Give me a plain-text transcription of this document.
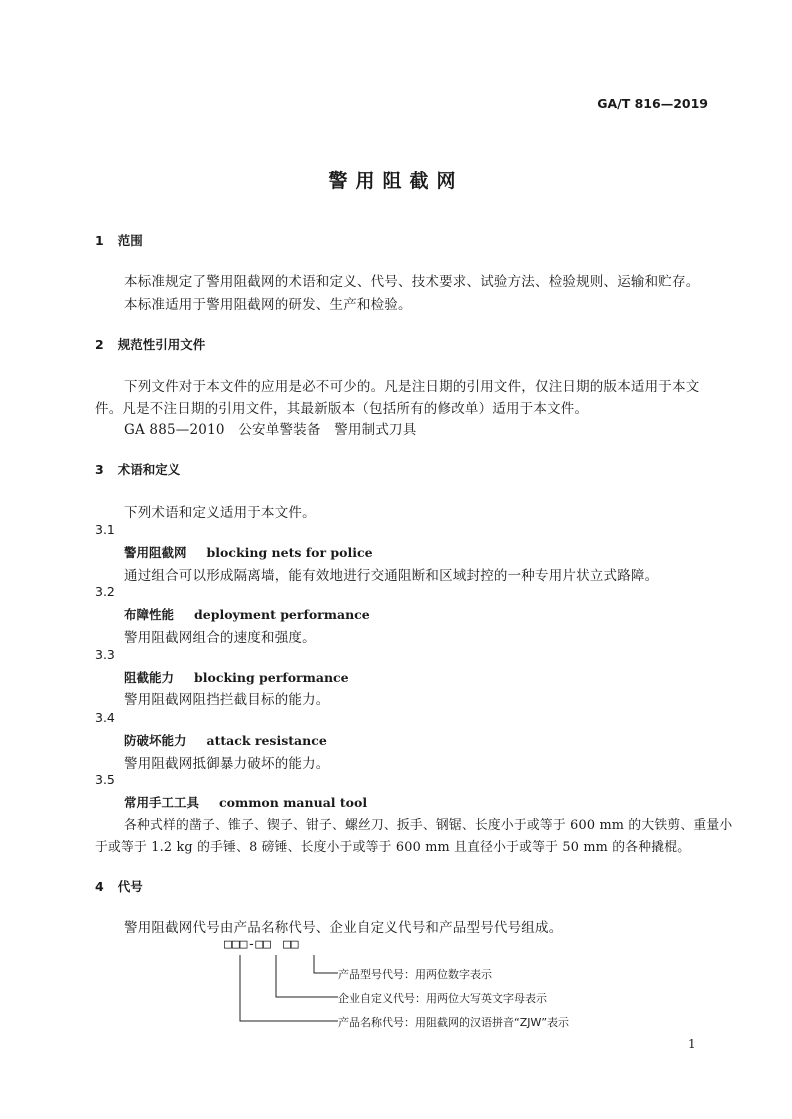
GA/T 816—2019
警用阻截网
1 范围
本标准规定了警用阻截网的术语和定义、代号、技术要求、试验方法、检验规则、运输和贮存。
本标准适用于警用阻截网的研发、生产和检验。
2 规范性引用文件
下列文件对于本文件的应用是必不可少的。凡是注日期的引用文件，仅注日期的版本适用于本文
件。凡是不注日期的引用文件，其最新版本（包括所有的修改单）适用于本文件。
GA 885—2010　公安单警装备　警用制式刀具
3 术语和定义
下列术语和定义适用于本文件。
3.1
警用阻截网 blocking nets for police
通过组合可以形成隔离墙，能有效地进行交通阻断和区域封控的一种专用片状立式路障。
3.2
布障性能 deployment performance
警用阻截网组合的速度和强度。
3.3
阻截能力 blocking performance
警用阻截网阻挡拦截目标的能力。
3.4
防破坏能力 attack resistance
警用阻截网抵御暴力破坏的能力。
3.5
常用手工工具 common manual tool
各种式样的凿子、锥子、锲子、钳子、螺丝刀、扳手、钢锯、长度小于或等于 600 mm 的大铁剪、重量小
于或等于 1.2 kg 的手锤、8 磅锤、长度小于或等于 600 mm 且直径小于或等于 50 mm 的各种撬棍。
4 代号
警用阻截网代号由产品名称代号、企业自定义代号和产品型号代号组成。
□□□-□□ □□
产品型号代号：用两位数字表示
企业自定义代号：用两位大写英文字母表示
产品名称代号：用阻截网的汉语拼音“ZJW”表示
1
